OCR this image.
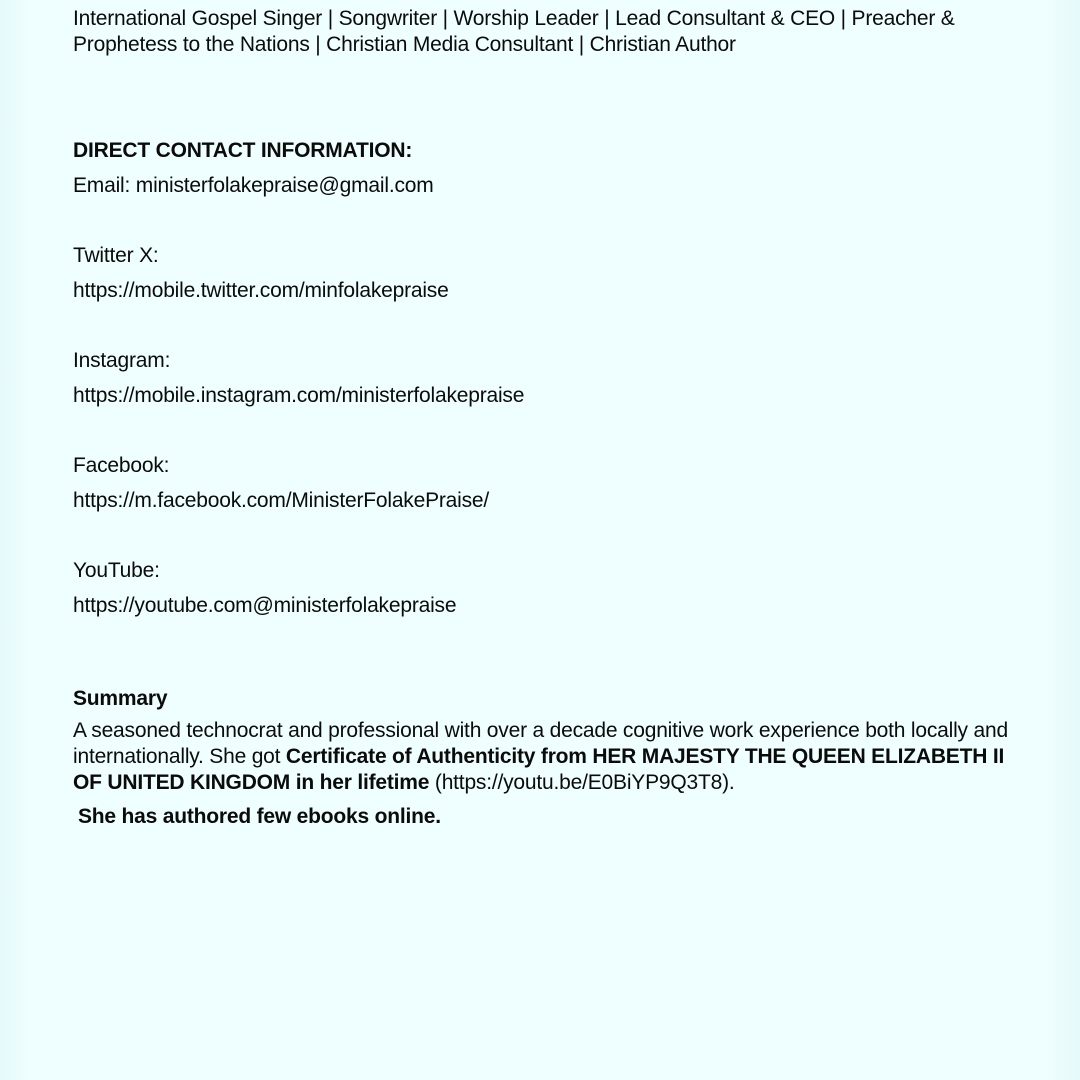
International Gospel Singer | Songwriter | Worship Leader | Lead Consultant & CEO | Preacher & Prophetess to the Nations | Christian Media Consultant | Christian Author
DIRECT CONTACT INFORMATION:
Email: ministerfolakepraise@gmail.com
Twitter X:
https://mobile.twitter.com/minfolakepraise
Instagram:
https://mobile.instagram.com/ministerfolakepraise
Facebook:
https://m.facebook.com/MinisterFolakePraise/
YouTube:
https://youtube.com@ministerfolakepraise
Summary
A seasoned technocrat and professional with over a decade cognitive work experience both locally and internationally. She got Certificate of Authenticity from HER MAJESTY THE QUEEN ELIZABETH II OF UNITED KINGDOM in her lifetime (https://youtu.be/E0BiYP9Q3T8).
She has authored few ebooks online.
